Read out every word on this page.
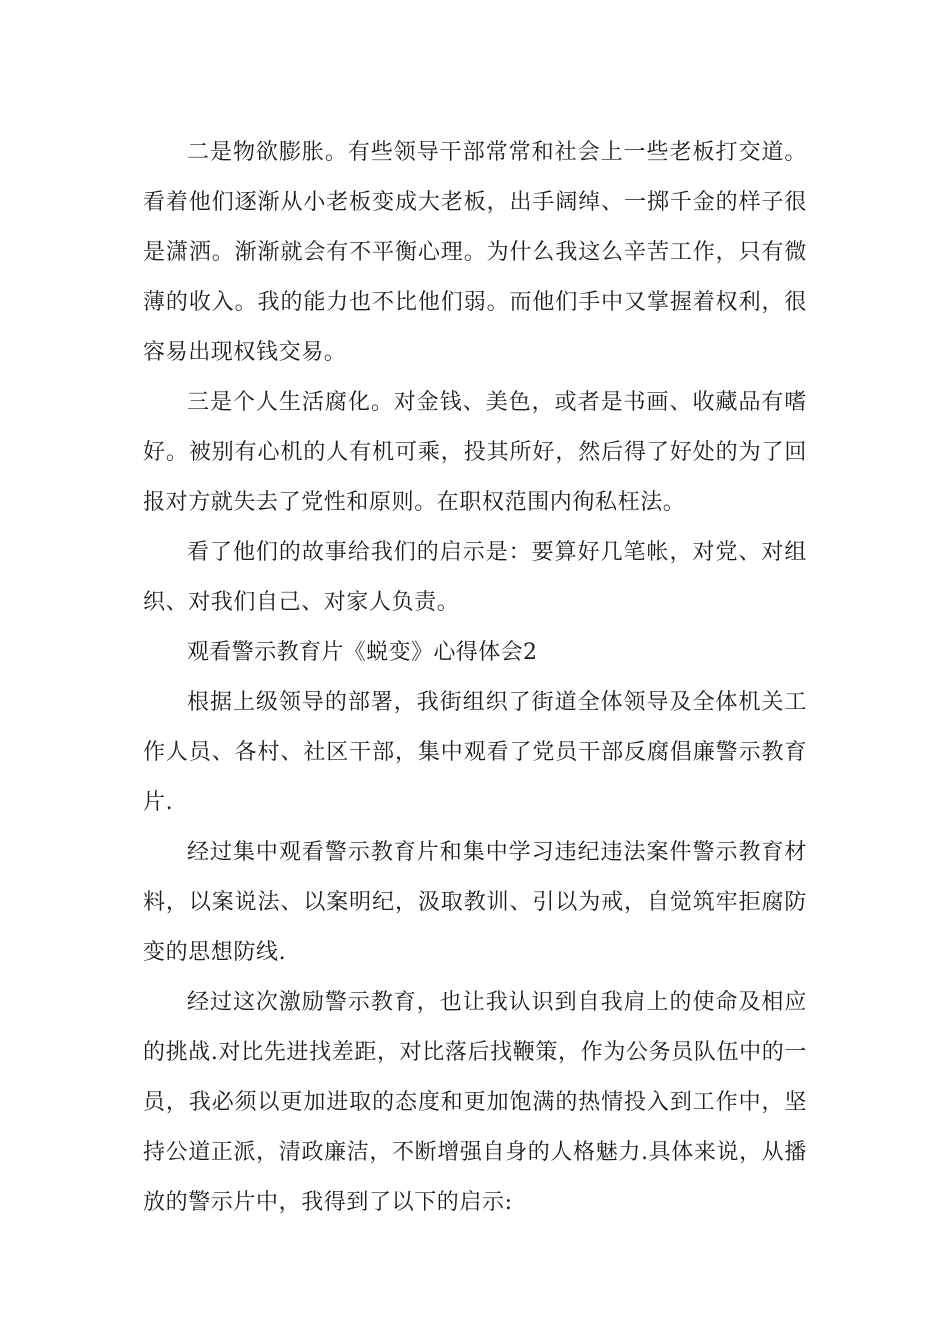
二是物欲膨胀。有些领导干部常常和社会上一些老板打交道。看着他们逐渐从小老板变成大老板，出手阔绰、一掷千金的样子很是潇洒。渐渐就会有不平衡心理。为什么我这么辛苦工作，只有微薄的收入。我的能力也不比他们弱。而他们手中又掌握着权利，很容易出现权钱交易。

三是个人生活腐化。对金钱、美色，或者是书画、收藏品有嗜好。被别有心机的人有机可乘，投其所好，然后得了好处的为了回报对方就失去了党性和原则。在职权范围内徇私枉法。

看了他们的故事给我们的启示是：要算好几笔帐，对党、对组织、对我们自己、对家人负责。

观看警示教育片《蜕变》心得体会2

根据上级领导的部署，我街组织了街道全体领导及全体机关工作人员、各村、社区干部，集中观看了党员干部反腐倡廉警示教育片.

经过集中观看警示教育片和集中学习违纪违法案件警示教育材料，以案说法、以案明纪，汲取教训、引以为戒，自觉筑牢拒腐防变的思想防线.

经过这次激励警示教育，也让我认识到自我肩上的使命及相应的挑战.对比先进找差距，对比落后找鞭策，作为公务员队伍中的一员，我必须以更加进取的态度和更加饱满的热情投入到工作中，坚持公道正派，清政廉洁，不断增强自身的人格魅力.具体来说，从播放的警示片中，我得到了以下的启示:
